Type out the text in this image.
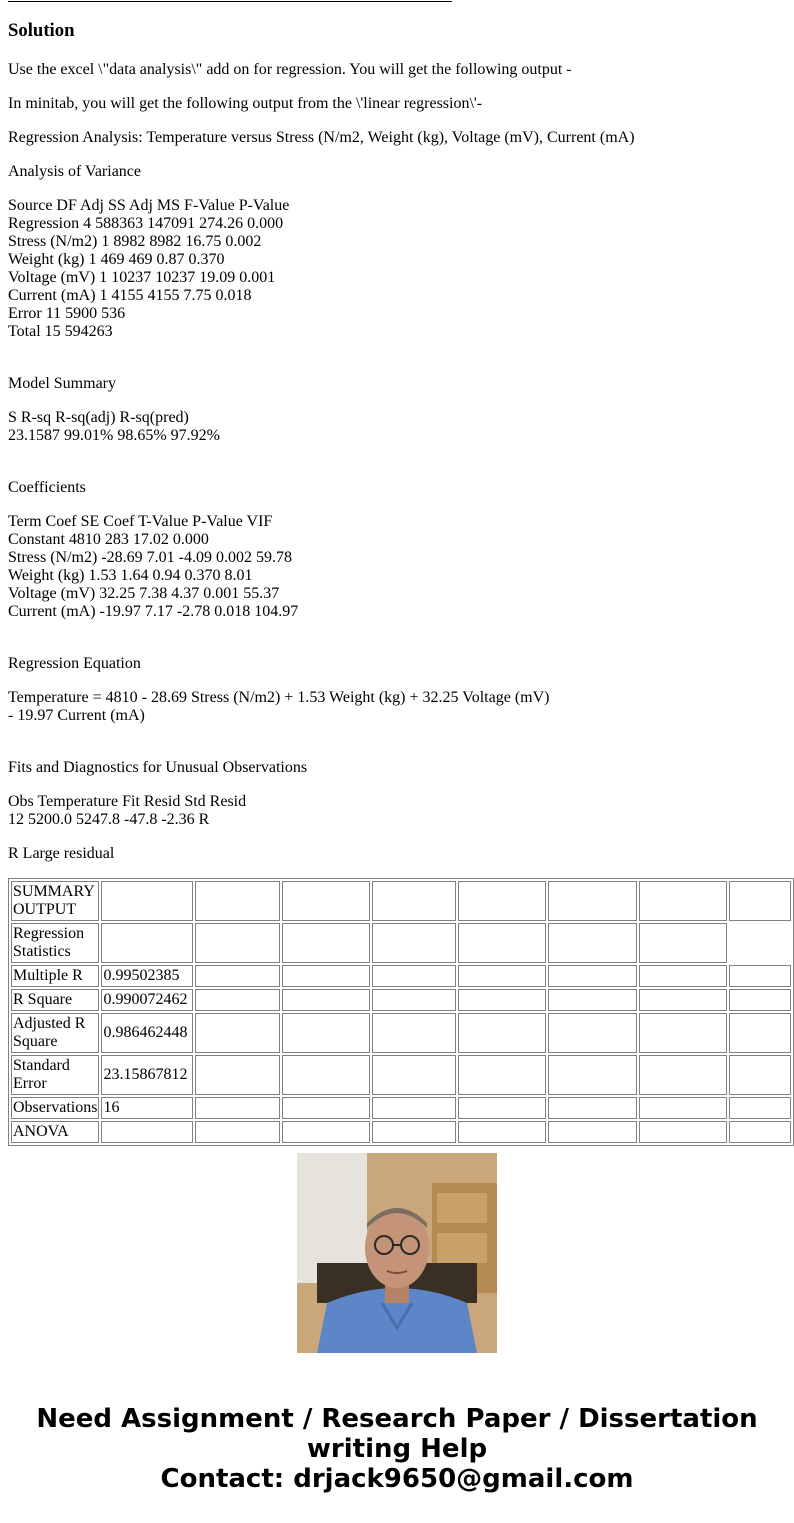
Solution

Use the excel \"data analysis\" add on for regression. You will get the following output -

In minitab, you will get the following output from the \'linear regression\'-

Regression Analysis: Temperature versus Stress (N/m2, Weight (kg), Voltage (mV), Current (mA)

Analysis of Variance

Source DF Adj SS Adj MS F-Value P-Value
Regression 4 588363 147091 274.26 0.000
Stress (N/m2) 1 8982 8982 16.75 0.002
Weight (kg) 1 469 469 0.87 0.370
Voltage (mV) 1 10237 10237 19.09 0.001
Current (mA) 1 4155 4155 7.75 0.018
Error 11 5900 536
Total 15 594263

Model Summary

S R-sq R-sq(adj) R-sq(pred)
23.1587 99.01% 98.65% 97.92%

Coefficients

Term Coef SE Coef T-Value P-Value VIF
Constant 4810 283 17.02 0.000
Stress (N/m2) -28.69 7.01 -4.09 0.002 59.78
Weight (kg) 1.53 1.64 0.94 0.370 8.01
Voltage (mV) 32.25 7.38 4.37 0.001 55.37
Current (mA) -19.97 7.17 -2.78 0.018 104.97

Regression Equation

Temperature = 4810 - 28.69 Stress (N/m2) + 1.53 Weight (kg) + 32.25 Voltage (mV)
- 19.97 Current (mA)

Fits and Diagnostics for Unusual Observations

Obs Temperature Fit Resid Std Resid
12 5200.0 5247.8 -47.8 -2.36 R

R Large residual

SUMMARY OUTPUT								
Regression Statistics								
Multiple R	0.99502385							
R Square	0.990072462							
Adjusted R Square	0.986462448							
Standard Error	23.15867812							
Observations	16							
ANOVA								
Need Assignment / Research Paper / Dissertation
writing Help
Contact: drjack9650@gmail.com
